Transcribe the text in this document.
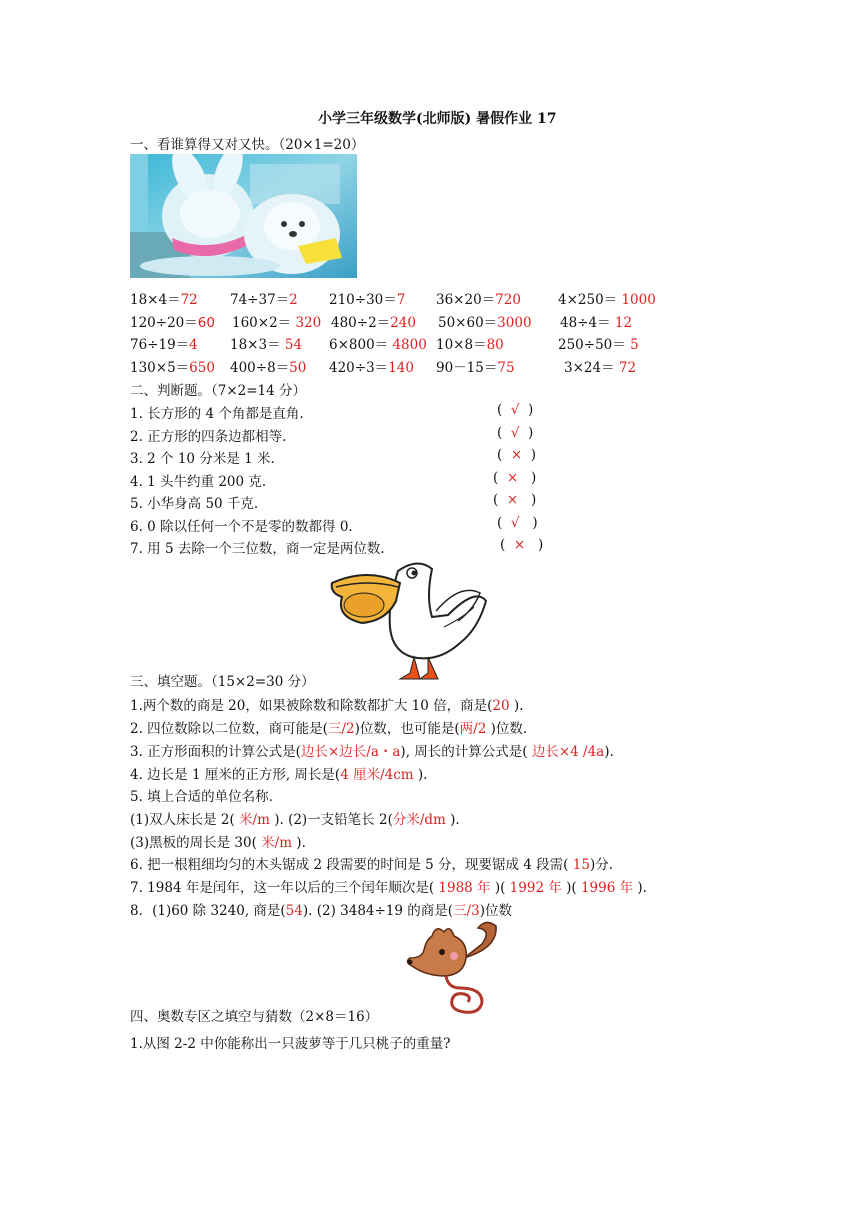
小学三年级数学(北师版) 暑假作业 17
一、看谁算得又对又快。（20×1=20）
18×4＝72 74÷37＝2 210÷30＝7 36×20＝720	4×250＝ 1000
120÷20＝60 160×2＝ 320 480÷2＝240 50×60＝3000 48÷4＝ 12
76÷19＝4 18×3＝ 54 6×800＝ 4800 10×8＝80	250÷50＝ 5
130×5＝650 400÷8＝50 420÷3＝140 90－15＝75	3×24＝ 72
二、判断题。（7×2=14 分）
1. 长方形的 4 个角都是直角.	(  √  )
2. 正方形的四条边都相等.	(  √  )
3. 2 个 10 分米是 1 米.	(  ×  )
4. 1 头牛约重 200 克.	(  ×   )
5. 小华身高 50 千克.	(  ×   )
6. 0 除以任何一个不是零的数都得 0.	(  √   )
7. 用 5 去除一个三位数，商一定是两位数.	(  ×   )
三、填空题。（15×2=30 分）
1.两个数的商是 20，如果被除数和除数都扩大 10 倍，商是(20 ).
2. 四位数除以二位数，商可能是(三/2)位数，也可能是(两/2 )位数.
3. 正方形面积的计算公式是(边长×边长/a・a), 周长的计算公式是( 边长×4 /4a).
4. 边长是 1 厘米的正方形, 周长是(4 厘米/4cm ).
5. 填上合适的单位名称.
(1)双人床长是 2( 米/m ). (2)一支铅笔长 2(分米/dm ).
(3)黑板的周长是 30( 米/m ).
6. 把一根粗细均匀的木头锯成 2 段需要的时间是 5 分，现要锯成 4 段需( 15)分.
7. 1984 年是闰年，这一年以后的三个闰年顺次是( 1988 年 )( 1992 年 )( 1996 年 ).
8．(1)60 除 3240, 商是(54). (2) 3484÷19 的商是(三/3)位数
四、奥数专区之填空与猜数（2×8＝16）
1.从图 2-2 中你能称出一只菠萝等于几只桃子的重量?
